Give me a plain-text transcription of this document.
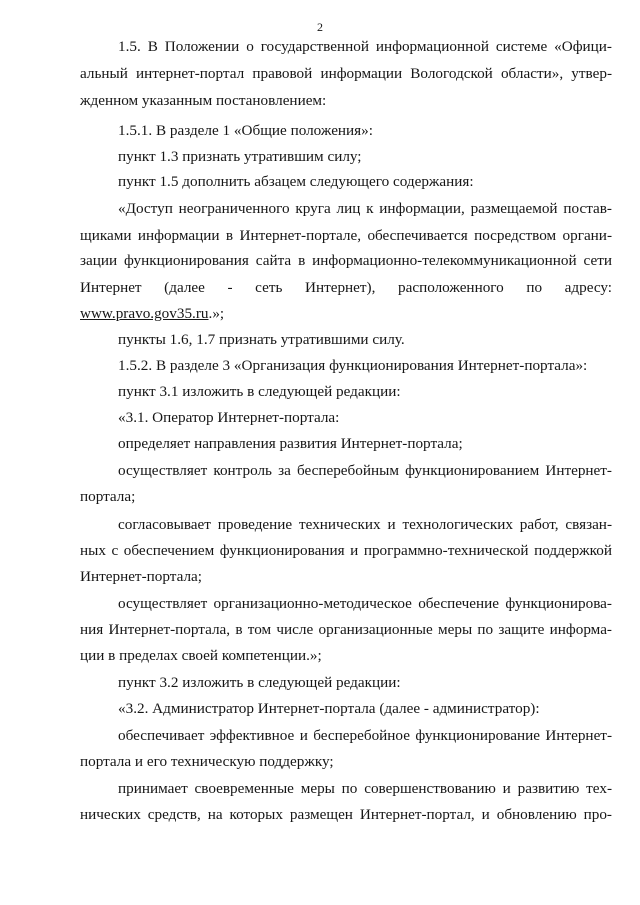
2
1.5. В Положении о государственной информационной системе «Офици-
альный интернет-портал правовой информации Вологодской области», утвер-
жденном указанным постановлением:
1.5.1. В разделе 1 «Общие положения»:
пункт 1.3 признать утратившим силу;
пункт 1.5 дополнить абзацем следующего содержания:
«Доступ неограниченного круга лиц к информации, размещаемой постав-
щиками информации в Интернет-портале, обеспечивается посредством органи-
зации функционирования сайта в информационно-телекоммуникационной сети
Интернет (далее - сеть Интернет), расположенного по адресу:
www.pravo.gov35.ru.»;
пункты 1.6, 1.7 признать утратившими силу.
1.5.2. В разделе 3 «Организация функционирования Интернет-портала»:
пункт 3.1 изложить в следующей редакции:
«3.1. Оператор Интернет-портала:
определяет направления развития Интернет-портала;
осуществляет контроль за бесперебойным функционированием Интернет-
портала;
согласовывает проведение технических и технологических работ, связан-
ных с обеспечением функционирования и программно-технической поддержкой
Интернет-портала;
осуществляет организационно-методическое обеспечение функционирова-
ния Интернет-портала, в том числе организационные меры по защите информа-
ции в пределах своей компетенции.»;
пункт 3.2 изложить в следующей редакции:
«3.2. Администратор Интернет-портала (далее - администратор):
обеспечивает эффективное и бесперебойное функционирование Интернет-
портала и его техническую поддержку;
принимает своевременные меры по совершенствованию и развитию тех-
нических средств, на которых размещен Интернет-портал, и обновлению про-
